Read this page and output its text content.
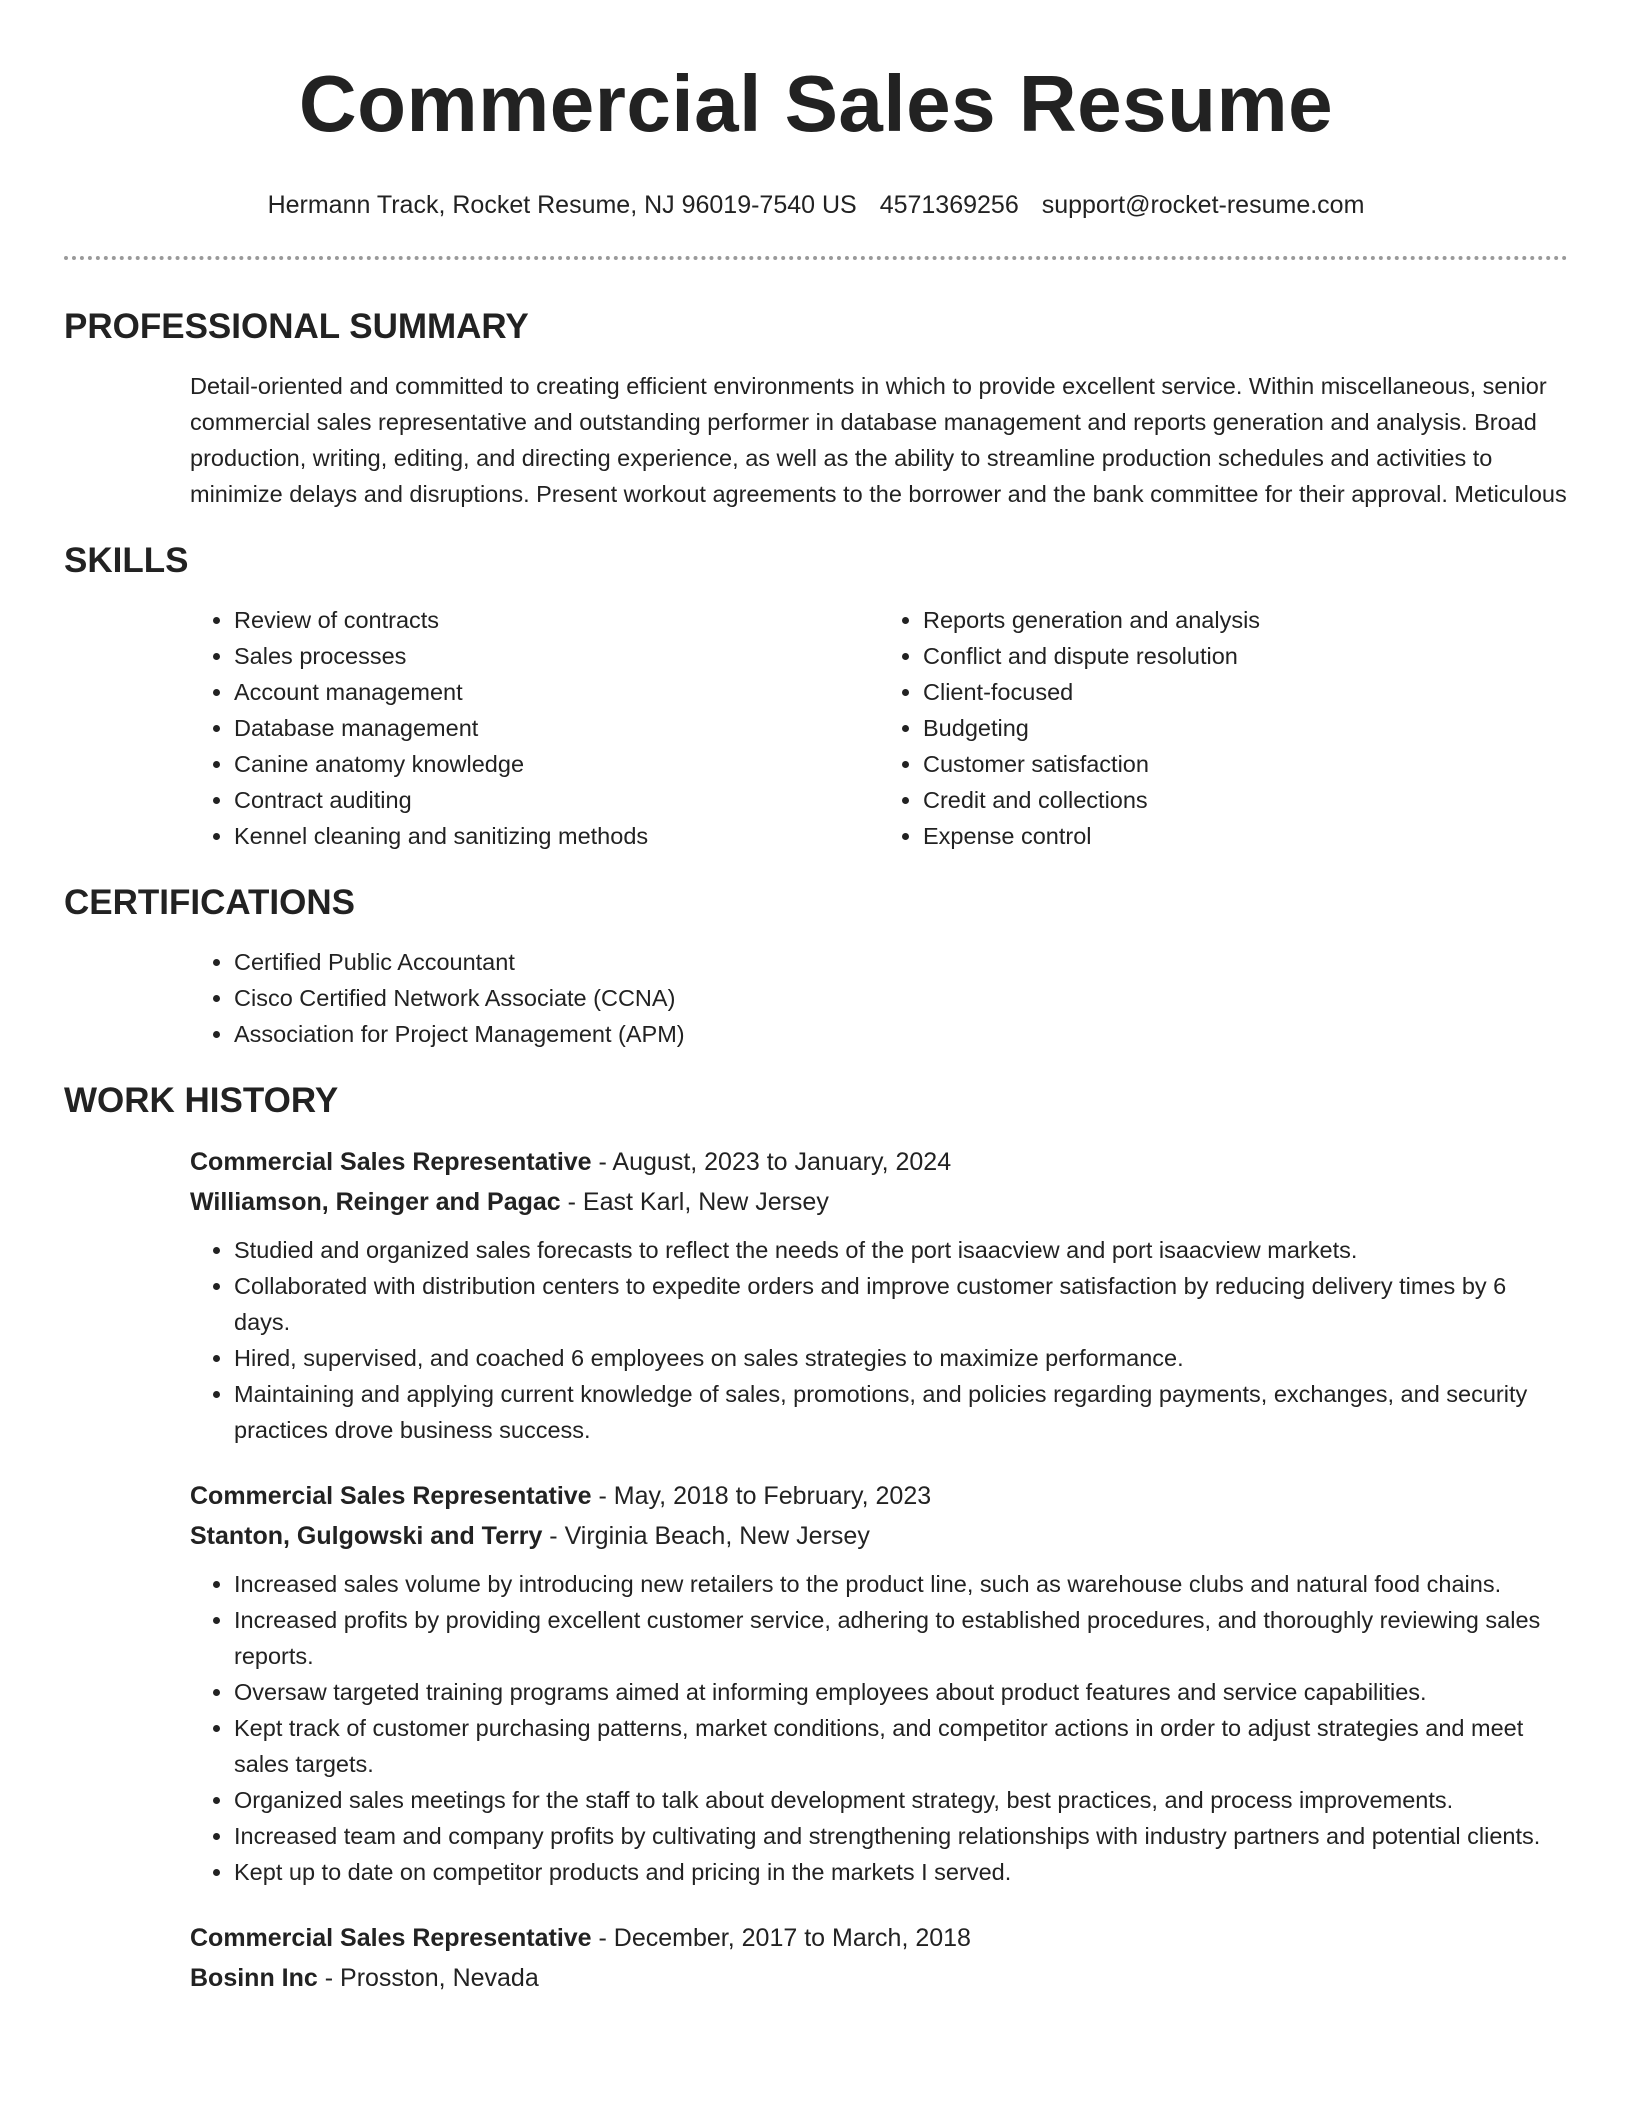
Commercial Sales Resume
Hermann Track, Rocket Resume, NJ 96019-7540 US 4571369256 support@rocket-resume.com
PROFESSIONAL SUMMARY
Detail-oriented and committed to creating efficient environments in which to provide excellent service. Within miscellaneous, senior commercial sales representative and outstanding performer in database management and reports generation and analysis. Broad production, writing, editing, and directing experience, as well as the ability to streamline production schedules and activities to minimize delays and disruptions. Present workout agreements to the borrower and the bank committee for their approval. Meticulous
SKILLS
• Review of contracts
• Sales processes
• Account management
• Database management
• Canine anatomy knowledge
• Contract auditing
• Kennel cleaning and sanitizing methods
• Reports generation and analysis
• Conflict and dispute resolution
• Client-focused
• Budgeting
• Customer satisfaction
• Credit and collections
• Expense control
CERTIFICATIONS
• Certified Public Accountant
• Cisco Certified Network Associate (CCNA)
• Association for Project Management (APM)
WORK HISTORY
Commercial Sales Representative - August, 2023 to January, 2024
Williamson, Reinger and Pagac - East Karl, New Jersey
• Studied and organized sales forecasts to reflect the needs of the port isaacview and port isaacview markets.
• Collaborated with distribution centers to expedite orders and improve customer satisfaction by reducing delivery times by 6 days.
• Hired, supervised, and coached 6 employees on sales strategies to maximize performance.
• Maintaining and applying current knowledge of sales, promotions, and policies regarding payments, exchanges, and security practices drove business success.
Commercial Sales Representative - May, 2018 to February, 2023
Stanton, Gulgowski and Terry - Virginia Beach, New Jersey
• Increased sales volume by introducing new retailers to the product line, such as warehouse clubs and natural food chains.
• Increased profits by providing excellent customer service, adhering to established procedures, and thoroughly reviewing sales reports.
• Oversaw targeted training programs aimed at informing employees about product features and service capabilities.
• Kept track of customer purchasing patterns, market conditions, and competitor actions in order to adjust strategies and meet sales targets.
• Organized sales meetings for the staff to talk about development strategy, best practices, and process improvements.
• Increased team and company profits by cultivating and strengthening relationships with industry partners and potential clients.
• Kept up to date on competitor products and pricing in the markets I served.
Commercial Sales Representative - December, 2017 to March, 2018
Bosinn Inc - Prosston, Nevada
